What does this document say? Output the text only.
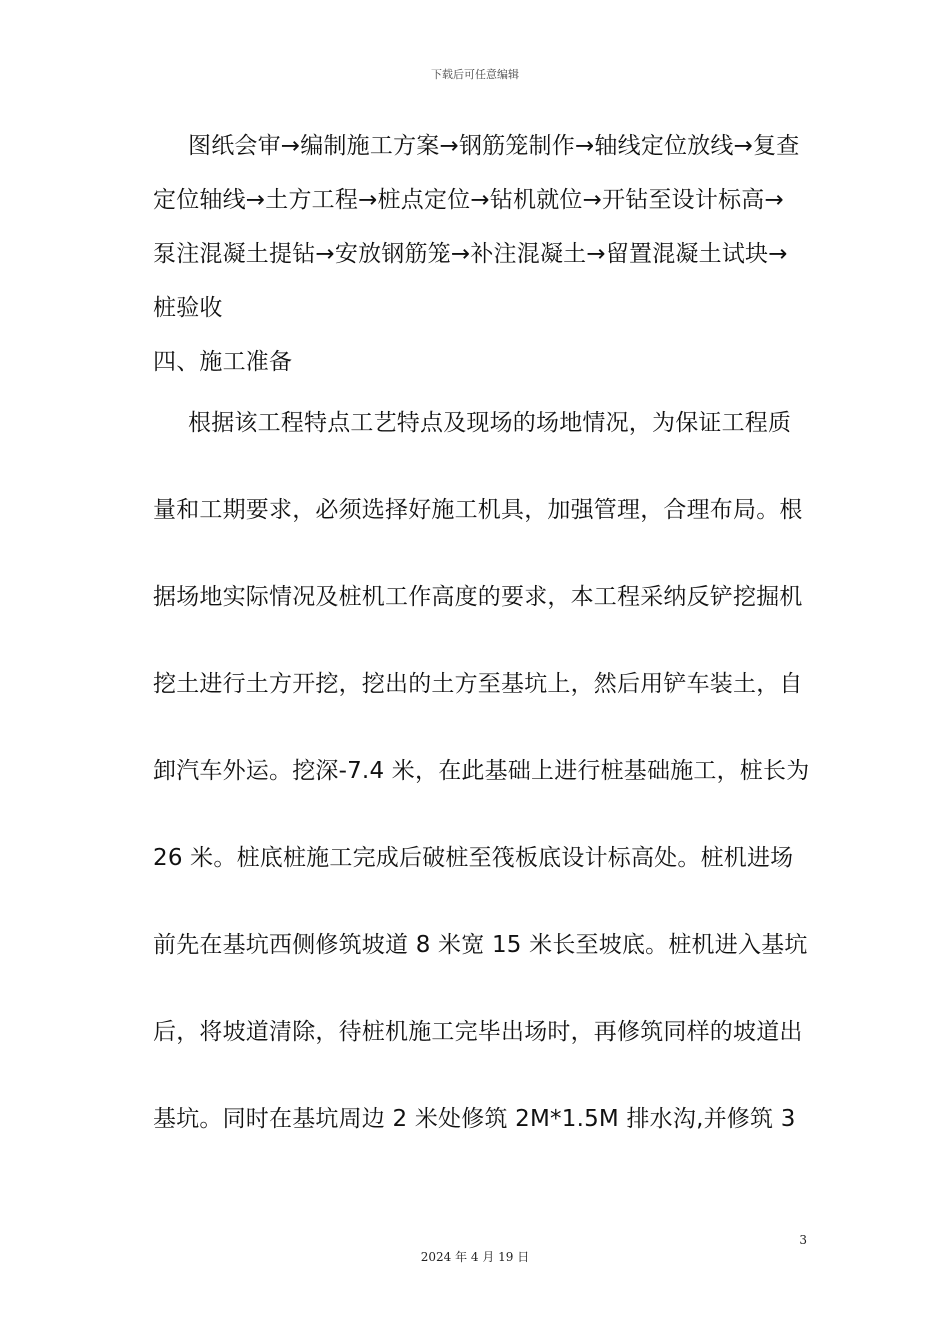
下载后可任意编辑
图纸会审→编制施工方案→钢筋笼制作→轴线定位放线→复查
定位轴线→土方工程→桩点定位→钻机就位→开钻至设计标高→
泵注混凝土提钻→安放钢筋笼→补注混凝土→留置混凝土试块→
桩验收
四、施工准备
根据该工程特点工艺特点及现场的场地情况，为保证工程质
量和工期要求，必须选择好施工机具，加强管理，合理布局。根
据场地实际情况及桩机工作高度的要求，本工程采纳反铲挖掘机
挖土进行土方开挖，挖出的土方至基坑上，然后用铲车装土，自
卸汽车外运。挖深-7.4 米，在此基础上进行桩基础施工，桩长为
26 米。桩底桩施工完成后破桩至筏板底设计标高处。桩机进场
前先在基坑西侧修筑坡道 8 米宽 15 米长至坡底。桩机进入基坑
后，将坡道清除，待桩机施工完毕出场时，再修筑同样的坡道出
基坑。同时在基坑周边 2 米处修筑 2M*1.5M 排水沟,并修筑 3
3
2024 年 4 月 19 日
